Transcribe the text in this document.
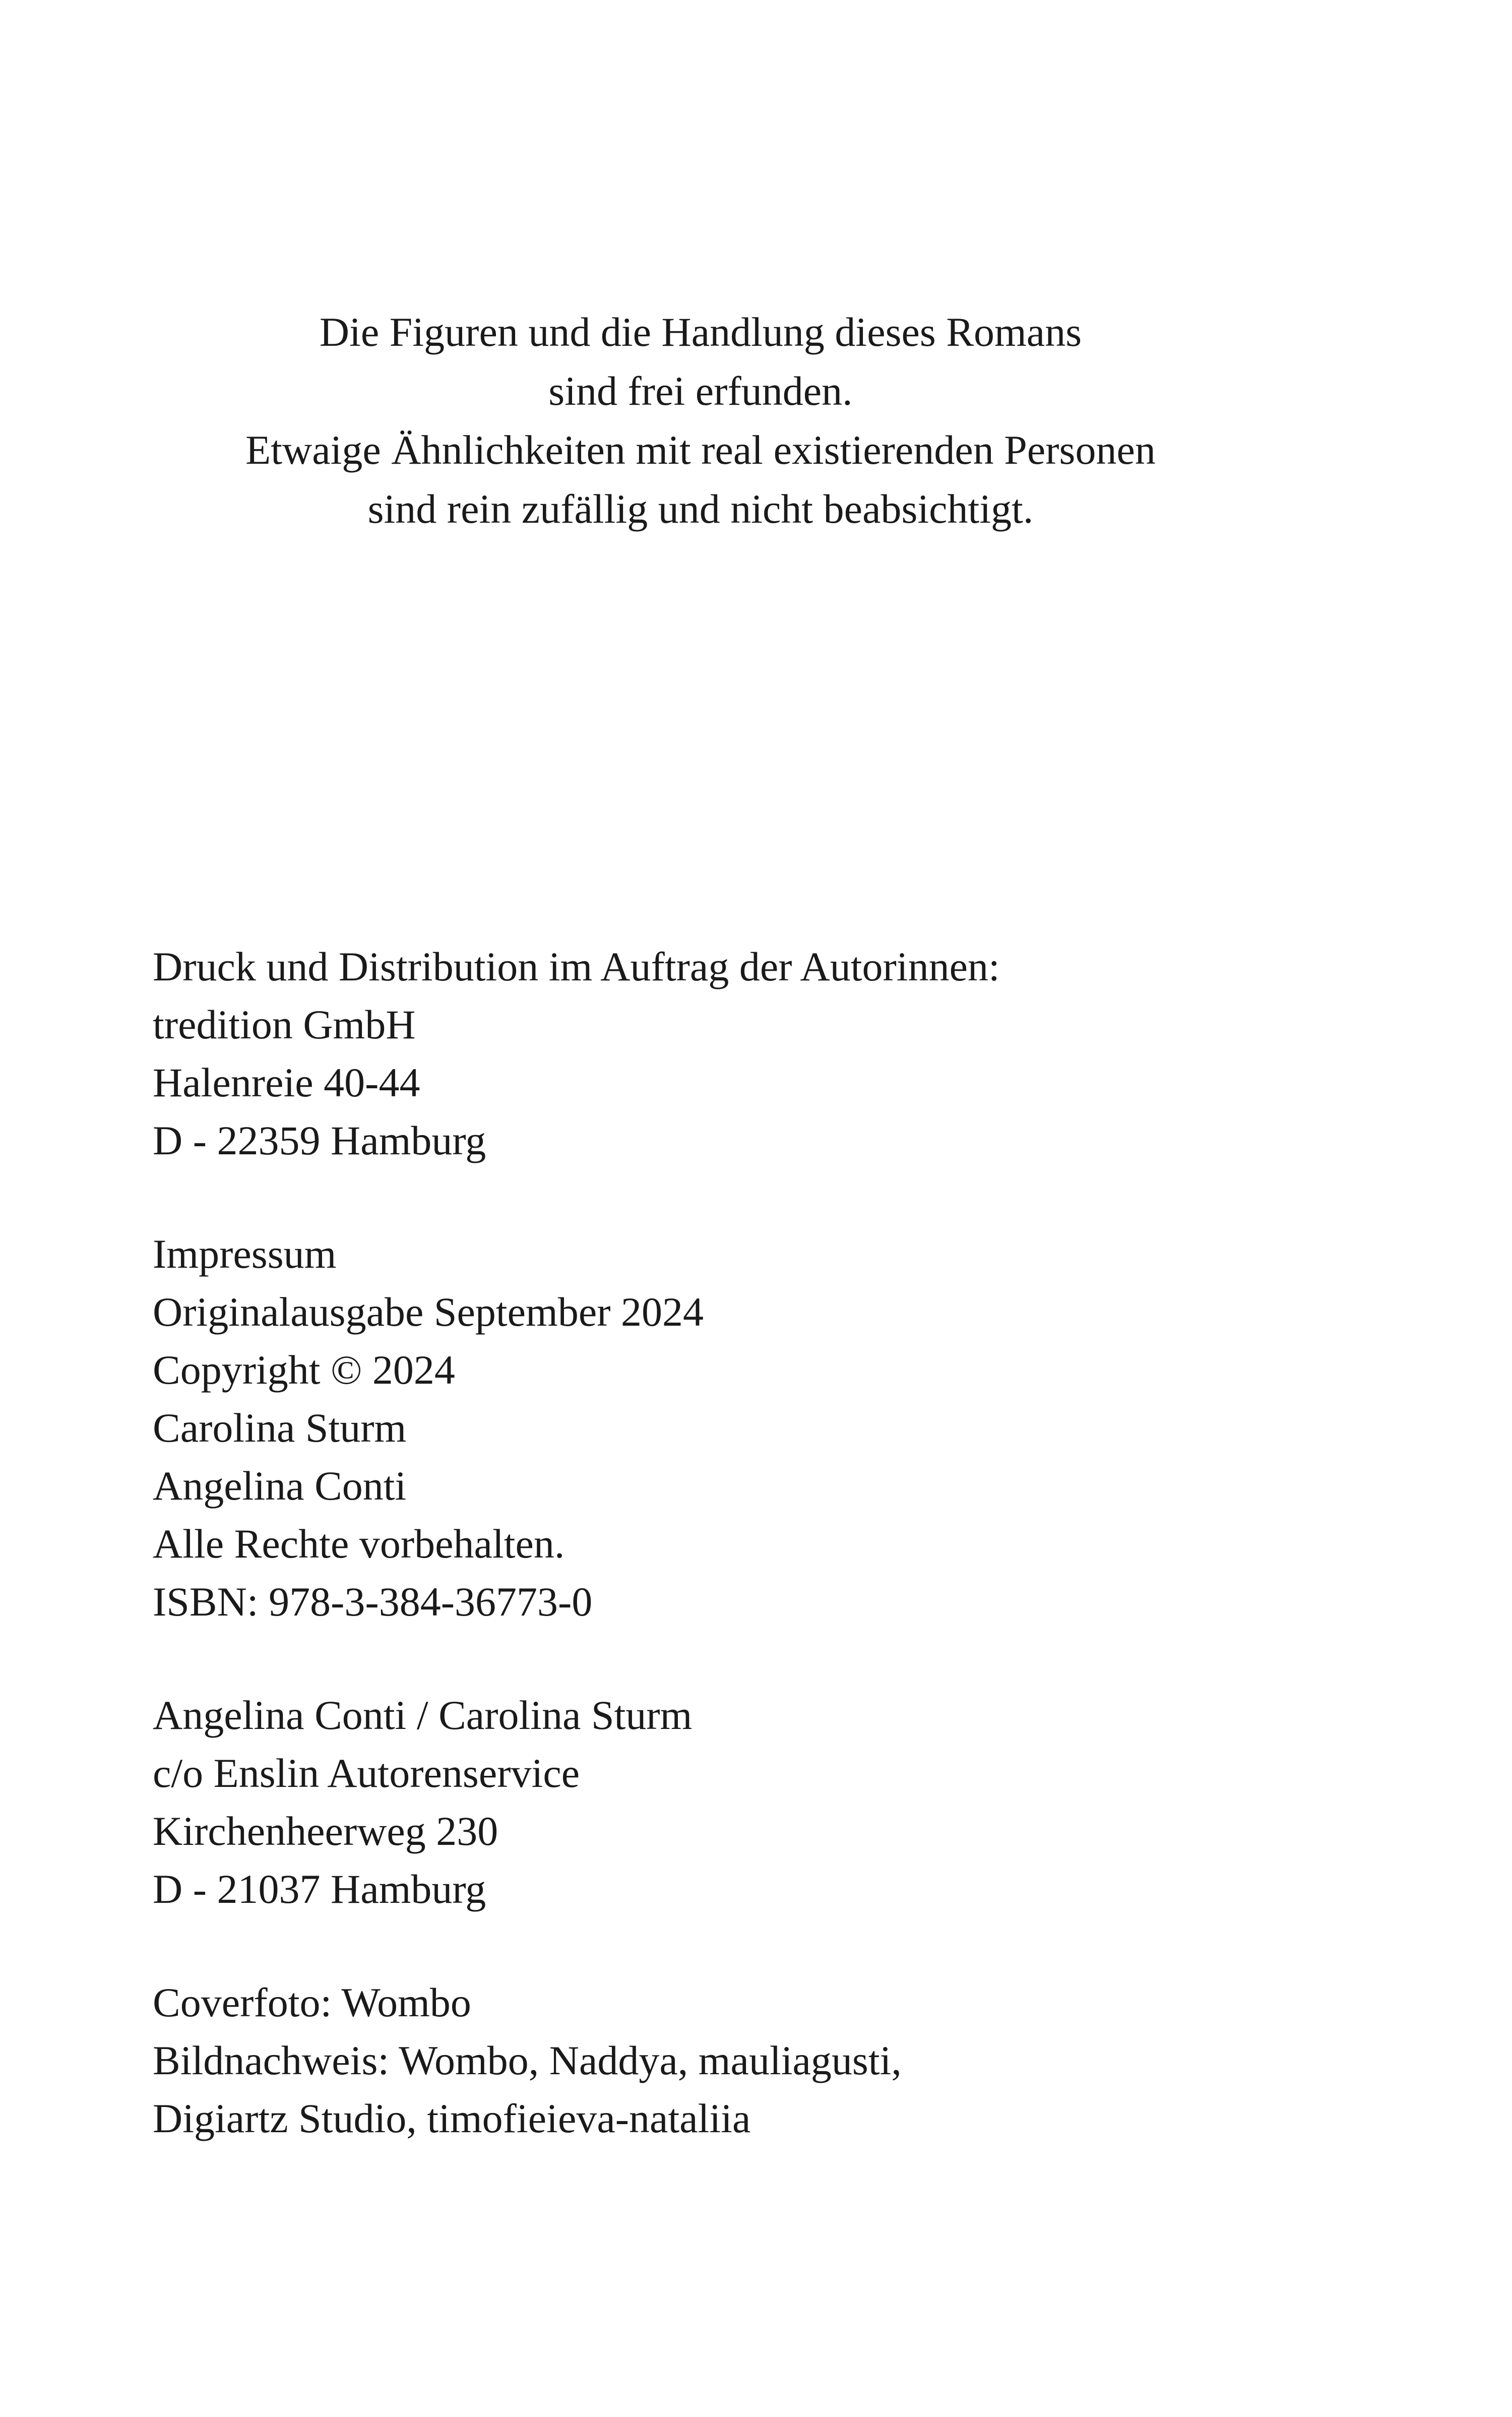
Die Figuren und die Handlung dieses Romans
sind frei erfunden.
Etwaige Ähnlichkeiten mit real existierenden Personen
sind rein zufällig und nicht beabsichtigt.
Druck und Distribution im Auftrag der Autorinnen:
tredition GmbH
Halenreie 40-44
D - 22359 Hamburg
Impressum
Originalausgabe September 2024
Copyright © 2024
Carolina Sturm
Angelina Conti
Alle Rechte vorbehalten.
ISBN: 978-3-384-36773-0
Angelina Conti / Carolina Sturm
c/o Enslin Autorenservice
Kirchenheerweg 230
D - 21037 Hamburg
Coverfoto: Wombo
Bildnachweis: Wombo, Naddya, mauliagusti,
Digiartz Studio, timofieieva-nataliia
